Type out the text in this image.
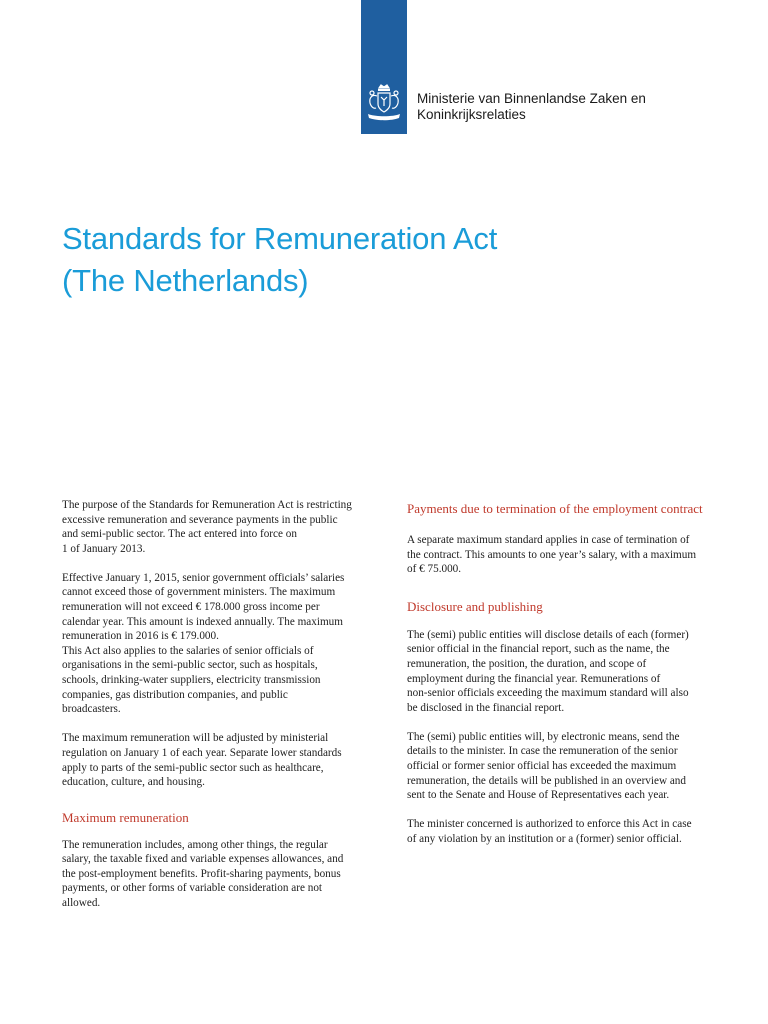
Ministerie van Binnenlandse Zaken en
Koninkrijksrelaties
Standards for Remuneration Act
(The Netherlands)

The purpose of the Standards for Remuneration Act is restricting
excessive remuneration and severance payments in the public
and semi-public sector. The act entered into force on
1 of January 2013.

Effective January 1, 2015, senior government officials’ salaries
cannot exceed those of government ministers. The maximum
remuneration will not exceed € 178.000 gross income per
calendar year. This amount is indexed annually. The maximum
remuneration in 2016 is € 179.000.
This Act also applies to the salaries of senior officials of
organisations in the semi-public sector, such as hospitals,
schools, drinking-water suppliers, electricity transmission
companies, gas distribution companies, and public
broadcasters.

The maximum remuneration will be adjusted by ministerial
regulation on January 1 of each year. Separate lower standards
apply to parts of the semi-public sector such as healthcare,
education, culture, and housing.

Maximum remuneration

The remuneration includes, among other things, the regular
salary, the taxable fixed and variable expenses allowances, and
the post-employment benefits. Profit-sharing payments, bonus
payments, or other forms of variable consideration are not
allowed.

Payments due to termination of the employment contract

A separate maximum standard applies in case of termination of
the contract. This amounts to one year’s salary, with a maximum
of € 75.000.

Disclosure and publishing

The (semi) public entities will disclose details of each (former)
senior official in the financial report, such as the name, the
remuneration, the position, the duration, and scope of
employment during the financial year. Remunerations of
non-senior officials exceeding the maximum standard will also
be disclosed in the financial report.

The (semi) public entities will, by electronic means, send the
details to the minister. In case the remuneration of the senior
official or former senior official has exceeded the maximum
remuneration, the details will be published in an overview and
sent to the Senate and House of Representatives each year.

The minister concerned is authorized to enforce this Act in case
of any violation by an institution or a (former) senior official.
